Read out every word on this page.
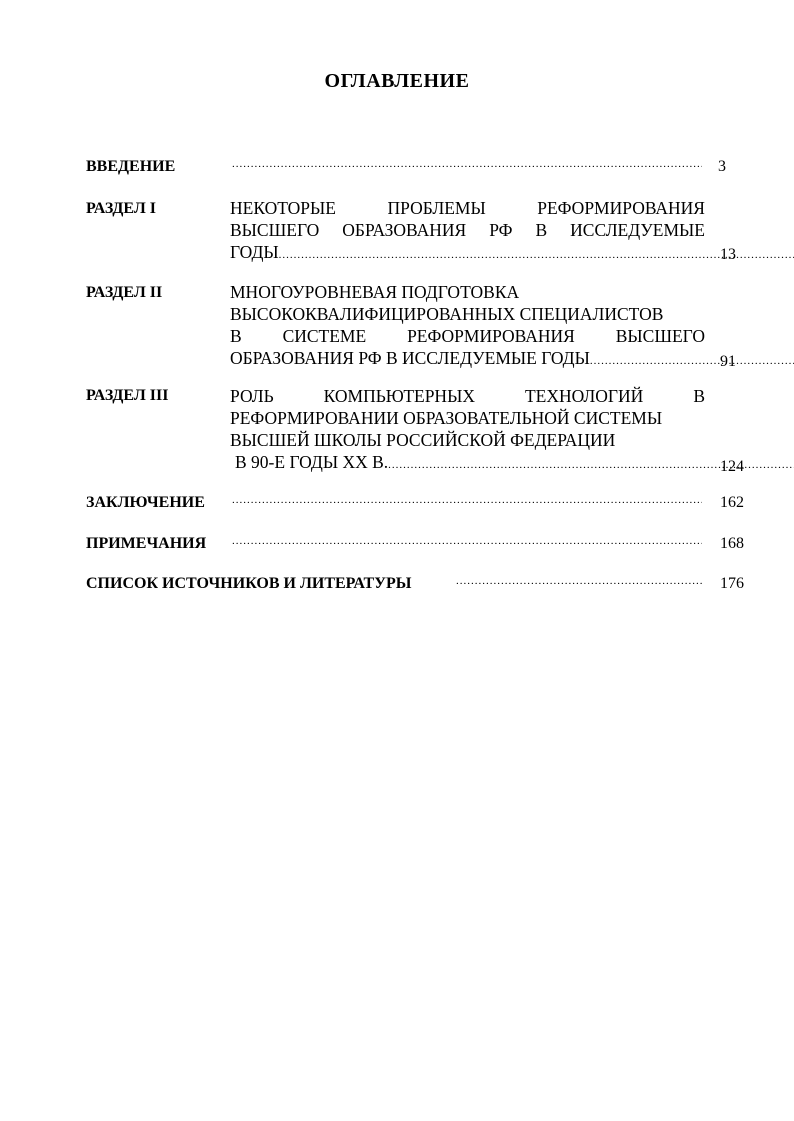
ОГЛАВЛЕНИЕ
ВВЕДЕНИЕ .....	3
РАЗДЕЛ I	НЕКОТОРЫЕ ПРОБЛЕМЫ РЕФОРМИРОВАНИЯ
ВЫСШЕГО ОБРАЗОВАНИЯ РФ В ИССЛЕДУЕМЫЕ
ГОДЫ .....	13
РАЗДЕЛ II	МНОГОУРОВНЕВАЯ ПОДГОТОВКА
ВЫСОКОКВАЛИФИЦИРОВАННЫХ СПЕЦИАЛИСТОВ
В СИСТЕМЕ РЕФОРМИРОВАНИЯ ВЫСШЕГО
ОБРАЗОВАНИЯ РФ В ИССЛЕДУЕМЫЕ ГОДЫ .....	91
РАЗДЕЛ III	РОЛЬ КОМПЬЮТЕРНЫХ ТЕХНОЛОГИЙ В
РЕФОРМИРОВАНИИ ОБРАЗОВАТЕЛЬНОЙ СИСТЕМЫ
ВЫСШЕЙ ШКОЛЫ РОССИЙСКОЙ ФЕДЕРАЦИИ
В 90-Е ГОДЫ XX В. .....	124
ЗАКЛЮЧЕНИЕ .....	162
ПРИМЕЧАНИЯ .....	168
СПИСОК ИСТОЧНИКОВ И ЛИТЕРАТУРЫ .....	176
